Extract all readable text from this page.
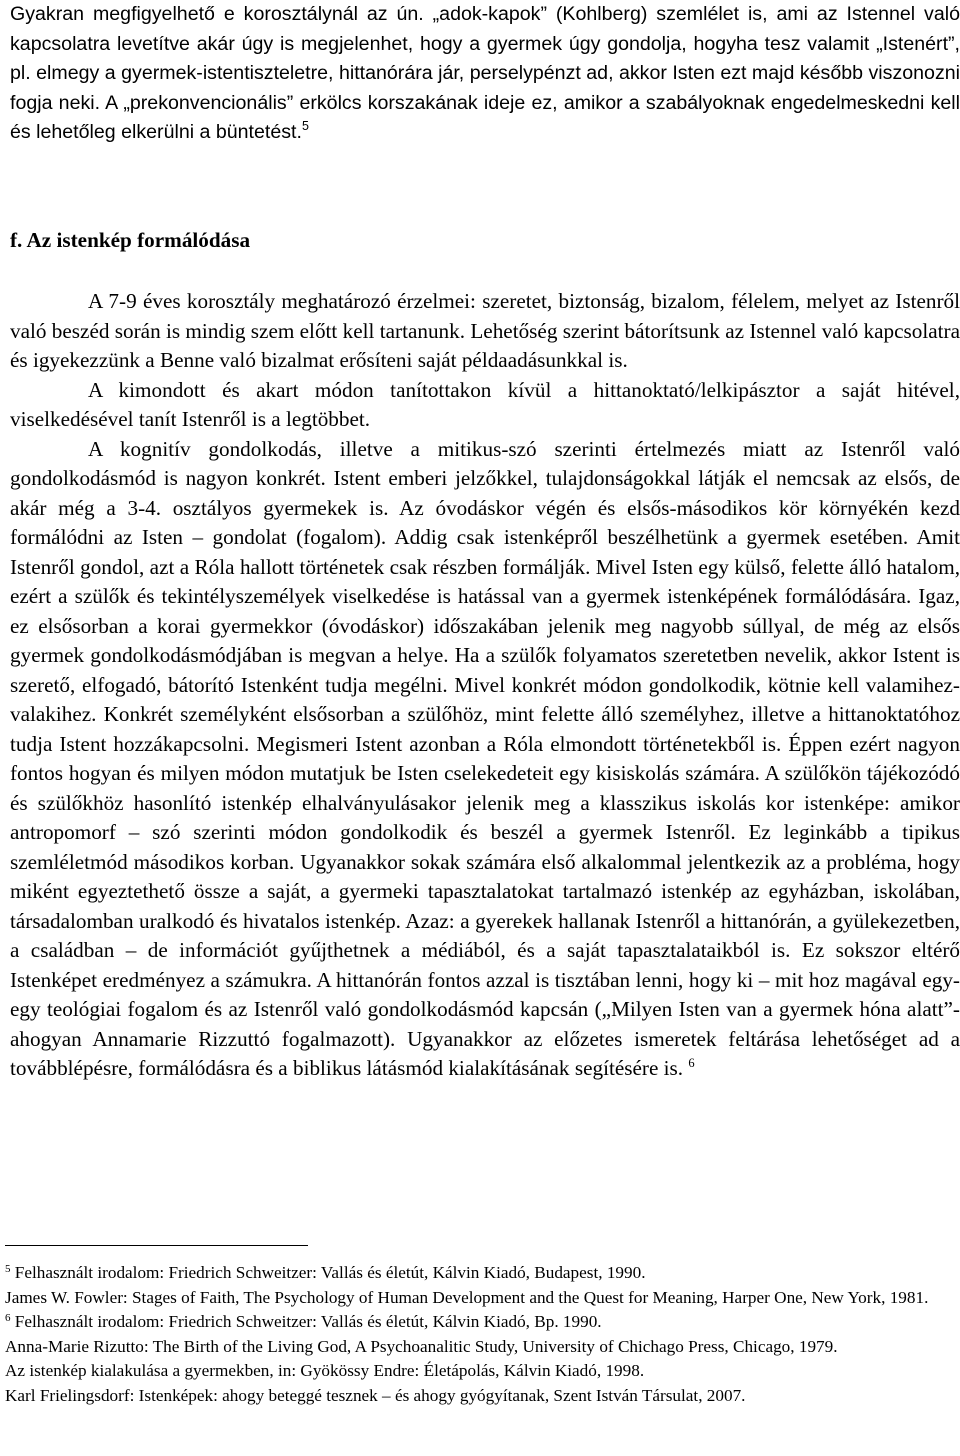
Gyakran megfigyelhető e korosztálynál az ún. „adok-kapok” (Kohlberg) szemlélet is, ami az Istennel való kapcsolatra levetítve akár úgy is megjelenhet, hogy a gyermek úgy gondolja, hogyha tesz valamit „Istenért”, pl. elmegy a gyermek-istentiszteletre, hittanórára jár, perselypénzt ad, akkor Isten ezt majd később viszonozni fogja neki. A „prekonvencionális” erkölcs korszakának ideje ez, amikor a szabályoknak engedelmeskedni kell és lehetőleg elkerülni a büntetést.$^5$

f. Az istenkép formálódása

A 7-9 éves korosztály meghatározó érzelmei: szeretet, biztonság, bizalom, félelem, melyet az Istenről való beszéd során is mindig szem előtt kell tartanunk. Lehetőség szerint bátorítsunk az Istennel való kapcsolatra és igyekezzünk a Benne való bizalmat erősíteni saját példaadásunkkal is.

A kimondott és akart módon tanítottakon kívül a hittanoktató/lelkipásztor a saját hitével, viselkedésével tanít Istenről is a legtöbbet.

A kognitív gondolkodás, illetve a mitikus-szó szerinti értelmezés miatt az Istenről való gondolkodásmód is nagyon konkrét. Istent emberi jelzőkkel, tulajdonságokkal látják el nemcsak az elsős, de akár még a 3-4. osztályos gyermekek is. Az óvodáskor végén és elsős-másodikos kör környékén kezd formálódni az Isten – gondolat (fogalom). Addig csak istenképről beszélhetünk a gyermek esetében. Amit Istenről gondol, azt a Róla hallott történetek csak részben formálják. Mivel Isten egy külső, felette álló hatalom, ezért a szülők és tekintélyszemélyek viselkedése is hatással van a gyermek istenképének formálódására. Igaz, ez elsősorban a korai gyermekkor (óvodáskor) időszakában jelenik meg nagyobb súllyal, de még az elsős gyermek gondolkodásmódjában is megvan a helye. Ha a szülők folyamatos szeretetben nevelik, akkor Istent is szerető, elfogadó, bátorító Istenként tudja megélni. Mivel konkrét módon gondolkodik, kötnie kell valamihez- valakihez. Konkrét személyként elsősorban a szülőhöz, mint felette álló személyhez, illetve a hittanoktatóhoz tudja Istent hozzákapcsolni. Megismeri Istent azonban a Róla elmondott történetekből is. Éppen ezért nagyon fontos hogyan és milyen módon mutatjuk be Isten cselekedeteit egy kisiskolás számára. A szülőkön tájékozódó és szülőkhöz hasonlító istenkép elhalványulásakor jelenik meg a klasszikus iskolás kor istenképe: amikor antropomorf – szó szerinti módon gondolkodik és beszél a gyermek Istenről. Ez leginkább a tipikus szemléletmód másodikos korban. Ugyanakkor sokak számára első alkalommal jelentkezik az a probléma, hogy miként egyeztethető össze a saját, a gyermeki tapasztalatokat tartalmazó istenkép az egyházban, iskolában, társadalomban uralkodó és hivatalos istenkép. Azaz: a gyerekek hallanak Istenről a hittanórán, a gyülekezetben, a családban – de információt gyűjthetnek a médiából, és a saját tapasztalataikból is. Ez sokszor eltérő Istenképet eredményez a számukra. A hittanórán fontos azzal is tisztában lenni, hogy ki – mit hoz magával egy-egy teológiai fogalom és az Istenről való gondolkodásmód kapcsán („Milyen Isten van a gyermek hóna alatt”- ahogyan Annamarie Rizzuttó fogalmazott). Ugyanakkor az előzetes ismeretek feltárása lehetőséget ad a továbblépésre, formálódásra és a biblikus látásmód kialakításának segítésére is. $^6$

$^5$ Felhasznált irodalom: Friedrich Schweitzer: Vallás és életút, Kálvin Kiadó, Budapest, 1990.

James W. Fowler: Stages of Faith, The Psychology of Human Development and the Quest for Meaning, Harper One, New York, 1981.

$^6$ Felhasznált irodalom: Friedrich Schweitzer: Vallás és életút, Kálvin Kiadó, Bp. 1990.

Anna-Marie Rizutto: The Birth of the Living God, A Psychoanalitic Study, University of Chichago Press, Chicago, 1979.

Az istenkép kialakulása a gyermekben, in: Gyökössy Endre: Életápolás, Kálvin Kiadó, 1998.

Karl Frielingsdorf: Istenképek: ahogy beteggé tesznek – és ahogy gyógyítanak, Szent István Társulat, 2007.
